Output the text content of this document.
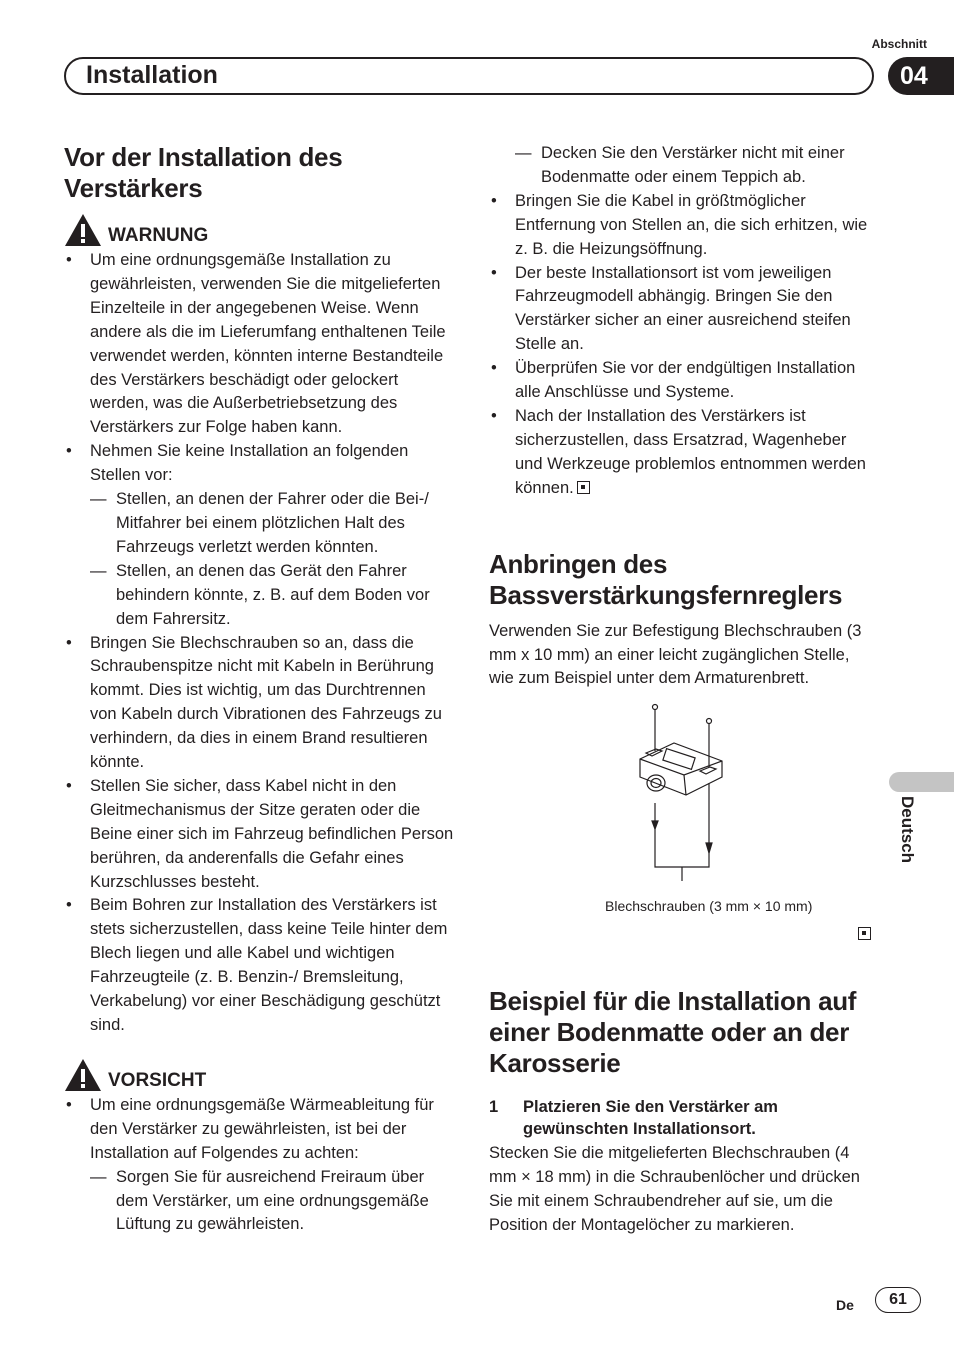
Abschnitt
Installation	04
Vor der Installation des Verstärkers
WARNUNG
• Um eine ordnungsgemäße Installation zu gewährleisten, verwenden Sie die mitgelieferten Einzelteile in der angegebenen Weise. Wenn andere als die im Lieferumfang enthaltenen Teile verwendet werden, könnten interne Bestandteile des Verstärkers beschädigt oder gelockert werden, was die Außerbetriebsetzung des Verstärkers zur Folge haben kann.
• Nehmen Sie keine Installation an folgenden Stellen vor:
— Stellen, an denen der Fahrer oder die Bei-/ Mitfahrer bei einem plötzlichen Halt des Fahrzeugs verletzt werden könnten.
— Stellen, an denen das Gerät den Fahrer behindern könnte, z. B. auf dem Boden vor dem Fahrersitz.
• Bringen Sie Blechschrauben so an, dass die Schraubenspitze nicht mit Kabeln in Berührung kommt. Dies ist wichtig, um das Durchtrennen von Kabeln durch Vibrationen des Fahrzeugs zu verhindern, da dies in einem Brand resultieren könnte.
• Stellen Sie sicher, dass Kabel nicht in den Gleitmechanismus der Sitze geraten oder die Beine einer sich im Fahrzeug befindlichen Person berühren, da anderenfalls die Gefahr eines Kurzschlusses besteht.
• Beim Bohren zur Installation des Verstärkers ist stets sicherzustellen, dass keine Teile hinter dem Blech liegen und alle Kabel und wichtigen Fahrzeugteile (z. B. Benzin-/ Bremsleitung, Verkabelung) vor einer Beschädigung geschützt sind.
VORSICHT
• Um eine ordnungsgemäße Wärmeableitung für den Verstärker zu gewährleisten, ist bei der Installation auf Folgendes zu achten:
— Sorgen Sie für ausreichend Freiraum über dem Verstärker, um eine ordnungsgemäße Lüftung zu gewährleisten.
— Decken Sie den Verstärker nicht mit einer Bodenmatte oder einem Teppich ab.
• Bringen Sie die Kabel in größtmöglicher Entfernung von Stellen an, die sich erhitzen, wie z. B. die Heizungsöffnung.
• Der beste Installationsort ist vom jeweiligen Fahrzeugmodell abhängig. Bringen Sie den Verstärker sicher an einer ausreichend steifen Stelle an.
• Überprüfen Sie vor der endgültigen Installation alle Anschlüsse und Systeme.
• Nach der Installation des Verstärkers ist sicherzustellen, dass Ersatzrad, Wagenheber und Werkzeuge problemlos entnommen werden können.
Anbringen des Bassverstärkungsfernreglers

Verwenden Sie zur Befestigung Blechschrauben (3 mm x 10 mm) an einer leicht zugänglichen Stelle, wie zum Beispiel unter dem Armaturenbrett.

Blechschrauben (3 mm × 10 mm)
Beispiel für die Installation auf einer Bodenmatte oder an der Karosserie
1	Platzieren Sie den Verstärker am gewünschten Installationsort.

Stecken Sie die mitgelieferten Blechschrauben (4 mm × 18 mm) in die Schraubenlöcher und drücken Sie mit einem Schraubendreher auf sie, um die Position der Montagelöcher zu markieren.

Deutsch
De	61
